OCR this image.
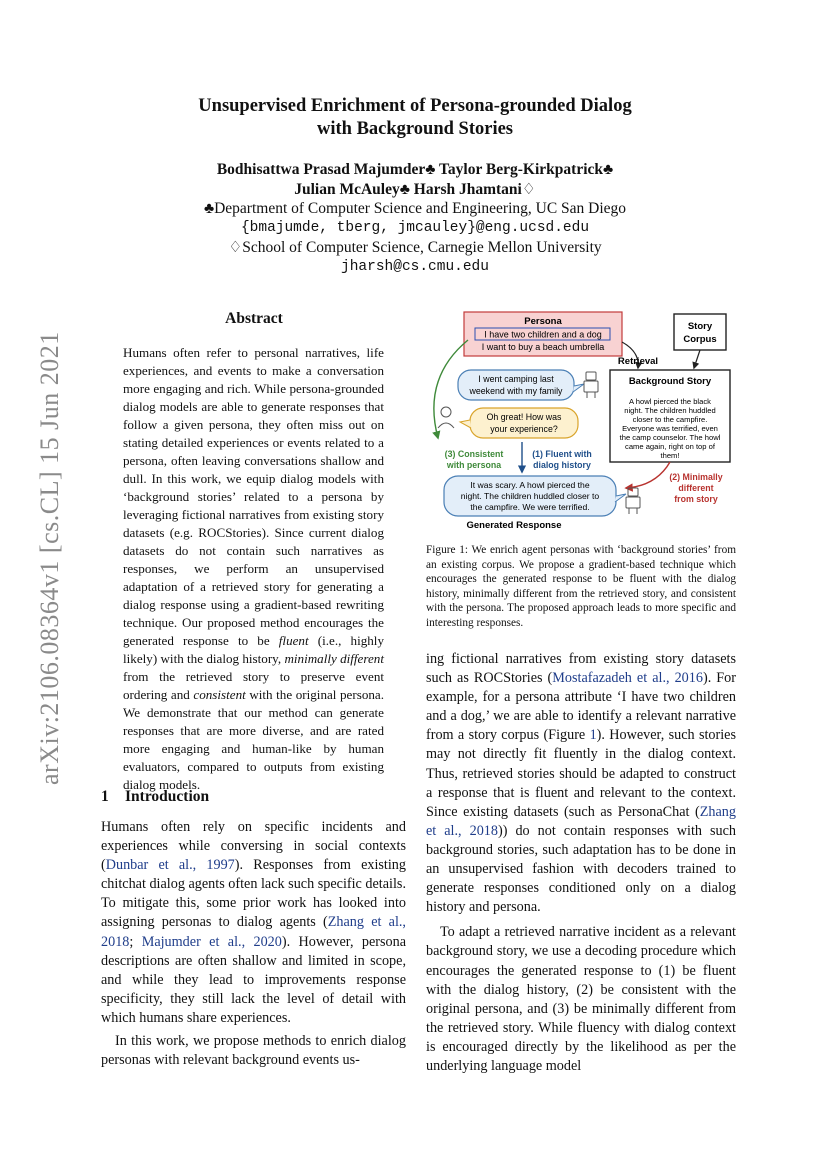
arXiv:2106.08364v1 [cs.CL] 15 Jun 2021
Unsupervised Enrichment of Persona-grounded Dialog
with Background Stories
Bodhisattwa Prasad Majumder♣ Taylor Berg-Kirkpatrick♣
Julian McAuley♣ Harsh Jhamtani♢
♣Department of Computer Science and Engineering, UC San Diego
{bmajumde, tberg, jmcauley}@eng.ucsd.edu
♢School of Computer Science, Carnegie Mellon University
jharsh@cs.cmu.edu
Abstract
Humans often refer to personal narratives, life experiences, and events to make a conversation more engaging and rich. While persona-grounded dialog models are able to generate responses that follow a given persona, they often miss out on stating detailed experiences or events related to a persona, often leaving conversations shallow and dull. In this work, we equip dialog models with ‘background stories’ related to a persona by leveraging fictional narratives from existing story datasets (e.g. ROCStories). Since current dialog datasets do not contain such narratives as responses, we perform an unsupervised adaptation of a retrieved story for generating a dialog response using a gradient-based rewriting technique. Our proposed method encourages the generated response to be fluent (i.e., highly likely) with the dialog history, minimally different from the retrieved story to preserve event ordering and consistent with the original persona. We demonstrate that our method can generate responses that are more diverse, and are rated more engaging and human-like by human evaluators, compared to outputs from existing dialog models.
1 Introduction

Humans often rely on specific incidents and experiences while conversing in social contexts (Dunbar et al., 1997). Responses from existing chitchat dialog agents often lack such specific details. To mitigate this, some prior work has looked into assigning personas to dialog agents (Zhang et al., 2018; Majumder et al., 2020). However, persona descriptions are often shallow and limited in scope, and while they lead to improvements response specificity, they still lack the level of detail with which humans share experiences.

In this work, we propose methods to enrich dialog personas with relevant background events us-

Persona
I have two children and a dog
I want to buy a beach umbrella
Story
Corpus
Retrieval
Background Story
A howl pierced the black
night. The children huddled
closer to the campfire.
Everyone was terrified, even
the camp counselor. The howl
came again, right on top of
them!
I went camping last
weekend with my family
Oh great! How was
your experience?
(3) Consistent
with persona
(1) Fluent with
dialog history
(2) Minimally
different
from story
It was scary. A howl pierced the
night. The children huddled closer to
the campfire. We were terrified.
Generated Response
Figure 1: We enrich agent personas with ‘background stories’ from an existing corpus. We propose a gradient-based technique which encourages the generated response to be fluent with the dialog history, minimally different from the retrieved story, and consistent with the persona. The proposed approach leads to more specific and interesting responses.

ing fictional narratives from existing story datasets such as ROCStories (Mostafazadeh et al., 2016). For example, for a persona attribute ‘I have two children and a dog,’ we are able to identify a relevant narrative from a story corpus (Figure 1). However, such stories may not directly fit fluently in the dialog context. Thus, retrieved stories should be adapted to construct a response that is fluent and relevant to the context. Since existing datasets (such as PersonaChat (Zhang et al., 2018)) do not contain responses with such background stories, such adaptation has to be done in an unsupervised fashion with decoders trained to generate responses conditioned only on a dialog history and persona.

To adapt a retrieved narrative incident as a relevant background story, we use a decoding procedure which encourages the generated response to (1) be fluent with the dialog history, (2) be consistent with the original persona, and (3) be minimally different from the retrieved story. While fluency with dialog context is encouraged directly by the likelihood as per the underlying language model
